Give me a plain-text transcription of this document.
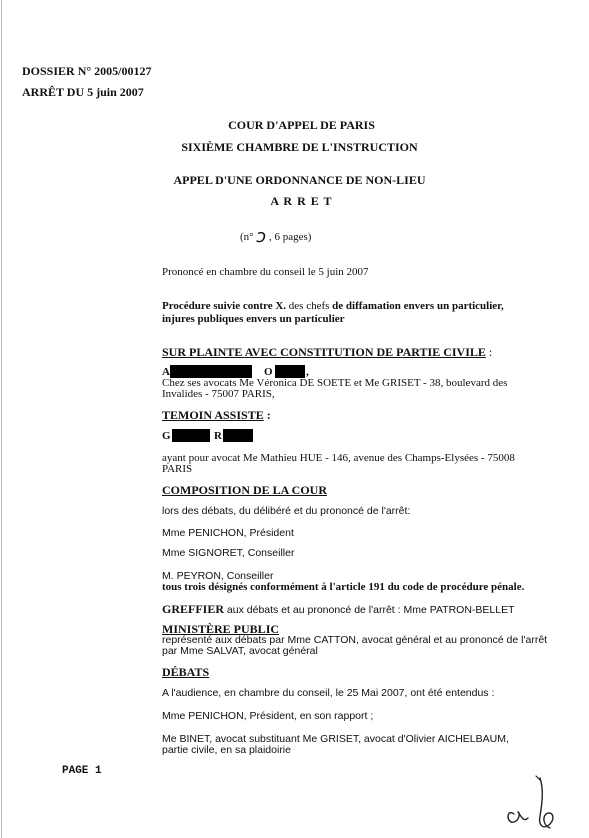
DOSSIER N° 2005/00127
ARRÊT DU 5 juin 2007
COUR D'APPEL DE PARIS
SIXIÈME CHAMBRE DE L'INSTRUCTION
APPEL D'UNE ORDONNANCE DE NON-LIEU
A R R E T
(n° ɔ , 6 pages)
Prononcé en chambre du conseil le 5 juin 2007
Procédure suivie contre X. des chefs de diffamation envers un particulier,
injures publiques envers un particulier
SUR PLAINTE AVEC CONSTITUTION DE PARTIE CIVILE :
A	O	,
Chez ses avocats Me Véronica DE SOETE et Me GRISET - 38, boulevard des
Invalides - 75007 PARIS,
TEMOIN ASSISTE :
G	R
ayant pour avocat Me Mathieu HUE - 146, avenue des Champs-Elysées - 75008
PARIS
COMPOSITION DE LA COUR
lors des débats, du délibéré et du prononcé de l'arrêt:
Mme PENICHON, Président
Mme SIGNORET, Conseiller
M. PEYRON, Conseiller
tous trois désignés conformément à l'article 191 du code de procédure pénale.
GREFFIER aux débats et au prononcé de l'arrêt : Mme PATRON-BELLET
MINISTÈRE PUBLIC
représenté aux débats par Mme CATTON, avocat général et au prononcé de l'arrêt
par Mme SALVAT, avocat général
DÉBATS
A l'audience, en chambre du conseil, le 25 Mai 2007, ont été entendus :
Mme PENICHON, Président, en son rapport ;
Me BINET, avocat substituant Me GRISET, avocat d'Olivier AICHELBAUM,
partie civile, en sa plaidoirie
PAGE 1
